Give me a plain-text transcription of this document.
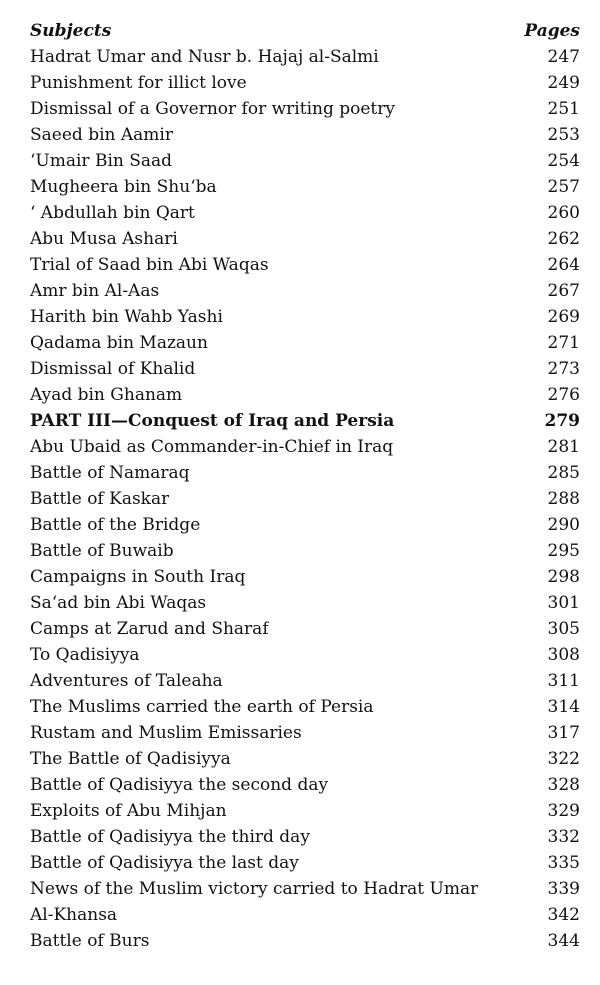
Subjects	Pages
Hadrat Umar and Nusr b. Hajaj al-Salmi	247
Punishment for illict love	249
Dismissal of a Governor for writing poetry	251
Saeed bin Aamir	253
‘Umair Bin Saad	254
Mugheera bin Shu‘ba	257
‘ Abdullah bin Qart	260
Abu Musa Ashari	262
Trial of Saad bin Abi Waqas	264
Amr bin Al-Aas	267
Harith bin Wahb Yashi	269
Qadama bin Mazaun	271
Dismissal of Khalid	273
Ayad bin Ghanam	276
PART III—Conquest of Iraq and Persia	279
Abu Ubaid as Commander-in-Chief in Iraq	281
Battle of Namaraq	285
Battle of Kaskar	288
Battle of the Bridge	290
Battle of Buwaib	295
Campaigns in South Iraq	298
Sa‘ad bin Abi Waqas	301
Camps at Zarud and Sharaf	305
To Qadisiyya	308
Adventures of Taleaha	311
The Muslims carried the earth of Persia	314
Rustam and Muslim Emissaries	317
The Battle of Qadisiyya	322
Battle of Qadisiyya the second day	328
Exploits of Abu Mihjan	329
Battle of Qadisiyya the third day	332
Battle of Qadisiyya the last day	335
News of the Muslim victory carried to Hadrat Umar	339
Al-Khansa	342
Battle of Burs	344
